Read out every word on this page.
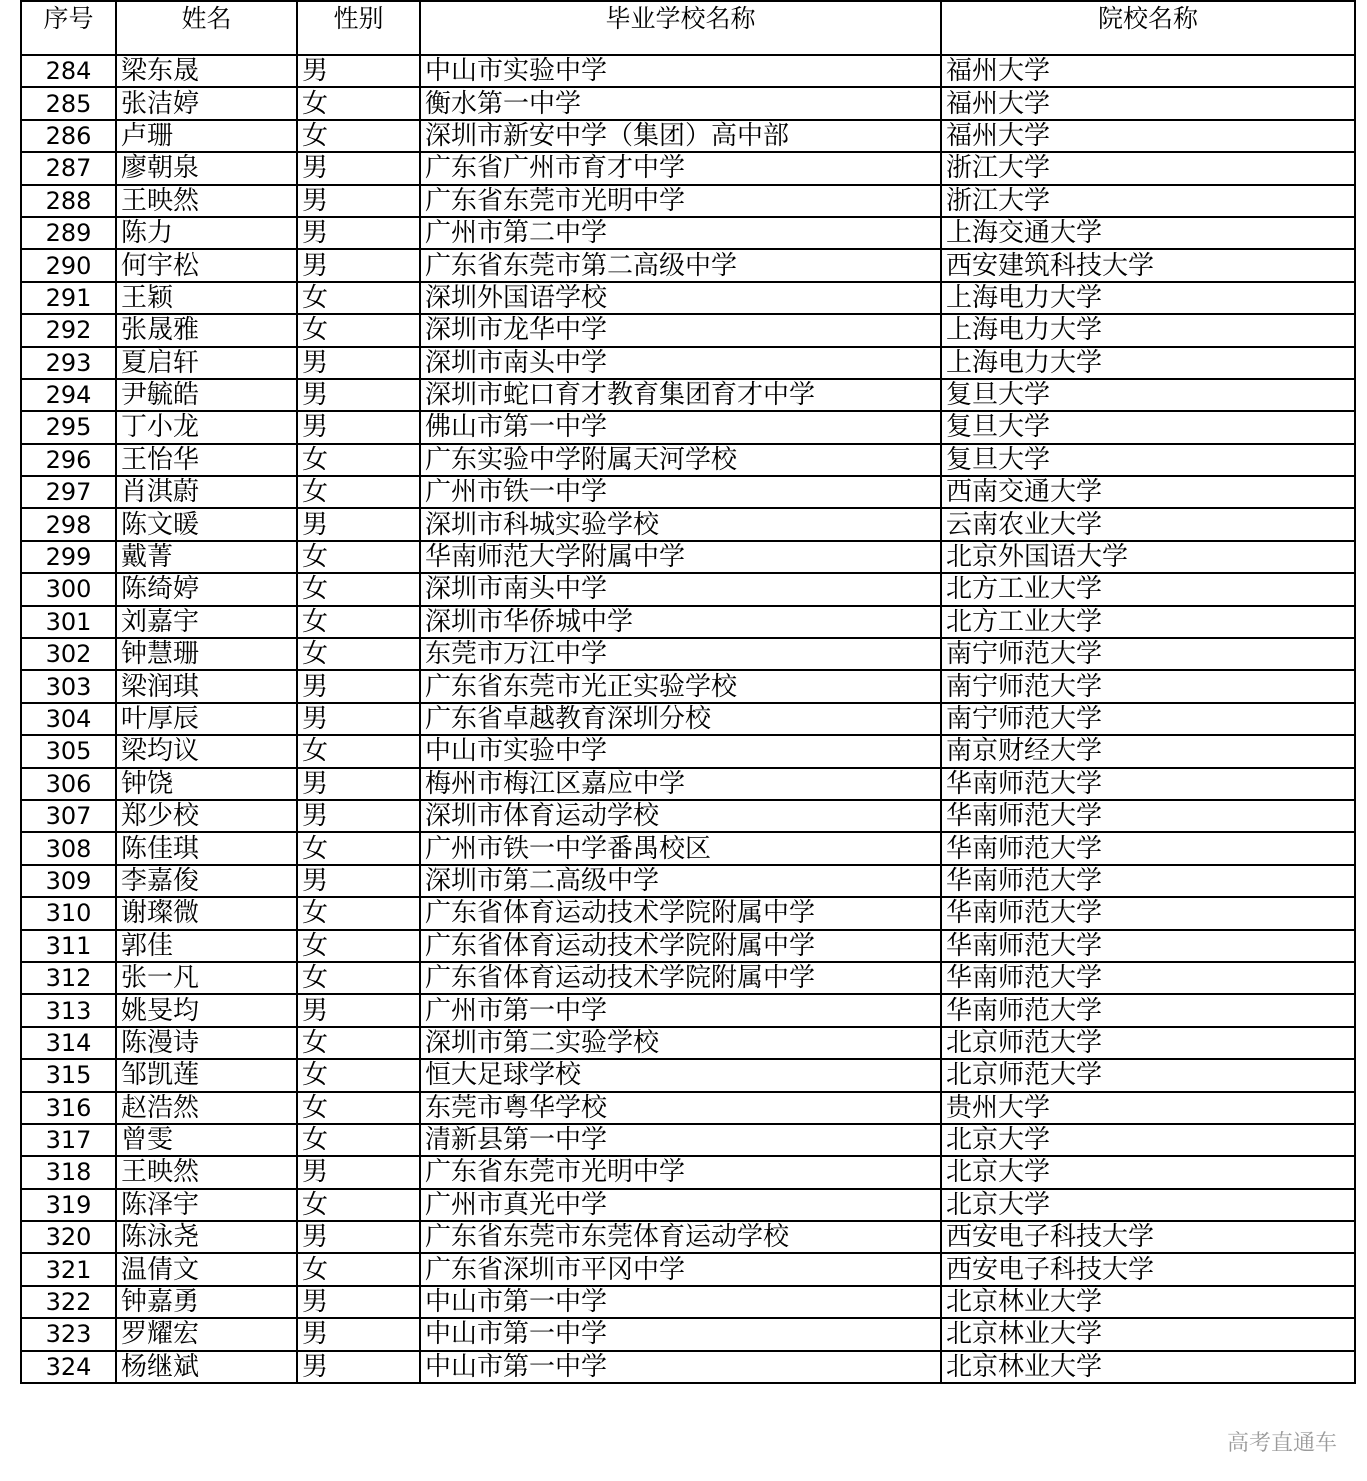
序号	姓名	性别	毕业学校名称	院校名称
284	梁东晟	男	中山市实验中学	福州大学
285	张洁婷	女	衡水第一中学	福州大学
286	卢珊	女	深圳市新安中学（集团）高中部	福州大学
287	廖朝泉	男	广东省广州市育才中学	浙江大学
288	王映然	男	广东省东莞市光明中学	浙江大学
289	陈力	男	广州市第二中学	上海交通大学
290	何宇松	男	广东省东莞市第二高级中学	西安建筑科技大学
291	王颖	女	深圳外国语学校	上海电力大学
292	张晟雅	女	深圳市龙华中学	上海电力大学
293	夏启轩	男	深圳市南头中学	上海电力大学
294	尹毓皓	男	深圳市蛇口育才教育集团育才中学	复旦大学
295	丁小龙	男	佛山市第一中学	复旦大学
296	王怡华	女	广东实验中学附属天河学校	复旦大学
297	肖淇蔚	女	广州市铁一中学	西南交通大学
298	陈文暖	男	深圳市科城实验学校	云南农业大学
299	戴菁	女	华南师范大学附属中学	北京外国语大学
300	陈绮婷	女	深圳市南头中学	北方工业大学
301	刘嘉宇	女	深圳市华侨城中学	北方工业大学
302	钟慧珊	女	东莞市万江中学	南宁师范大学
303	梁润琪	男	广东省东莞市光正实验学校	南宁师范大学
304	叶厚辰	男	广东省卓越教育深圳分校	南宁师范大学
305	梁均议	女	中山市实验中学	南京财经大学
306	钟饶	男	梅州市梅江区嘉应中学	华南师范大学
307	郑少校	男	深圳市体育运动学校	华南师范大学
308	陈佳琪	女	广州市铁一中学番禺校区	华南师范大学
309	李嘉俊	男	深圳市第二高级中学	华南师范大学
310	谢璨微	女	广东省体育运动技术学院附属中学	华南师范大学
311	郭佳	女	广东省体育运动技术学院附属中学	华南师范大学
312	张一凡	女	广东省体育运动技术学院附属中学	华南师范大学
313	姚旻均	男	广州市第一中学	华南师范大学
314	陈漫诗	女	深圳市第二实验学校	北京师范大学
315	邹凯莲	女	恒大足球学校	北京师范大学
316	赵浩然	女	东莞市粤华学校	贵州大学
317	曾雯	女	清新县第一中学	北京大学
318	王映然	男	广东省东莞市光明中学	北京大学
319	陈泽宇	女	广州市真光中学	北京大学
320	陈泳尧	男	广东省东莞市东莞体育运动学校	西安电子科技大学
321	温倩文	女	广东省深圳市平冈中学	西安电子科技大学
322	钟嘉勇	男	中山市第一中学	北京林业大学
323	罗耀宏	男	中山市第一中学	北京林业大学
324	杨继斌	男	中山市第一中学	北京林业大学
高考直通车
